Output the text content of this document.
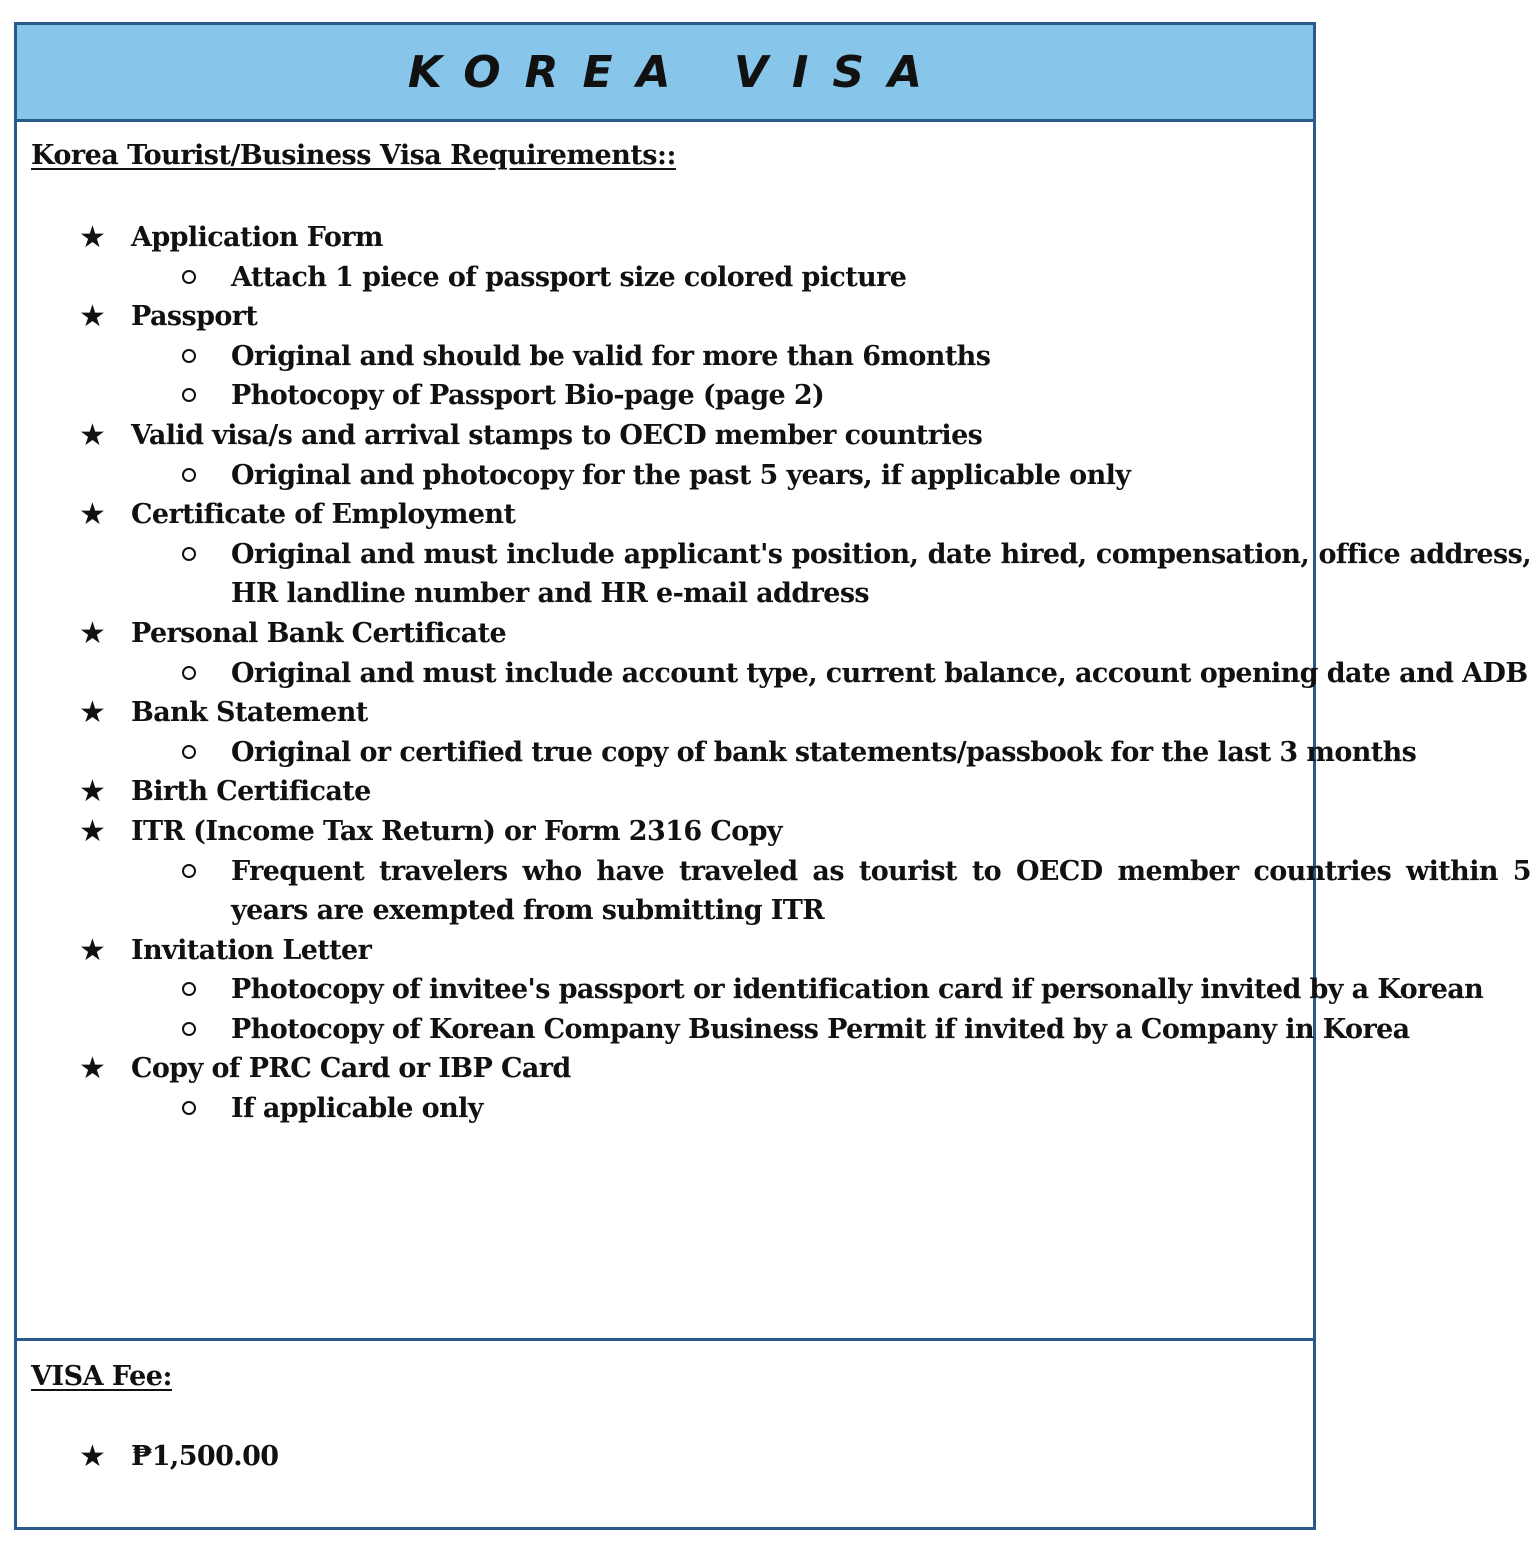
KOREA VISA
Korea Tourist/Business Visa Requirements::
★ Application Form
Attach 1 piece of passport size colored picture
★ Passport
Original and should be valid for more than 6months
Photocopy of Passport Bio-page (page 2)
★ Valid visa/s and arrival stamps to OECD member countries
Original and photocopy for the past 5 years, if applicable only
★ Certificate of Employment
Original and must include applicant's position, date hired, compensation, office address, HR landline number and HR e-mail address
★ Personal Bank Certificate
Original and must include account type, current balance, account opening date and ADB
★ Bank Statement
Original or certified true copy of bank statements/passbook for the last 3 months
★ Birth Certificate
★ ITR (Income Tax Return) or Form 2316 Copy
Frequent travelers who have traveled as tourist to OECD member countries within 5 years are exempted from submitting ITR
★ Invitation Letter
Photocopy of invitee's passport or identification card if personally invited by a Korean
Photocopy of Korean Company Business Permit if invited by a Company in Korea
★ Copy of PRC Card or IBP Card
If applicable only
VISA Fee:
★ ₱1,500.00
